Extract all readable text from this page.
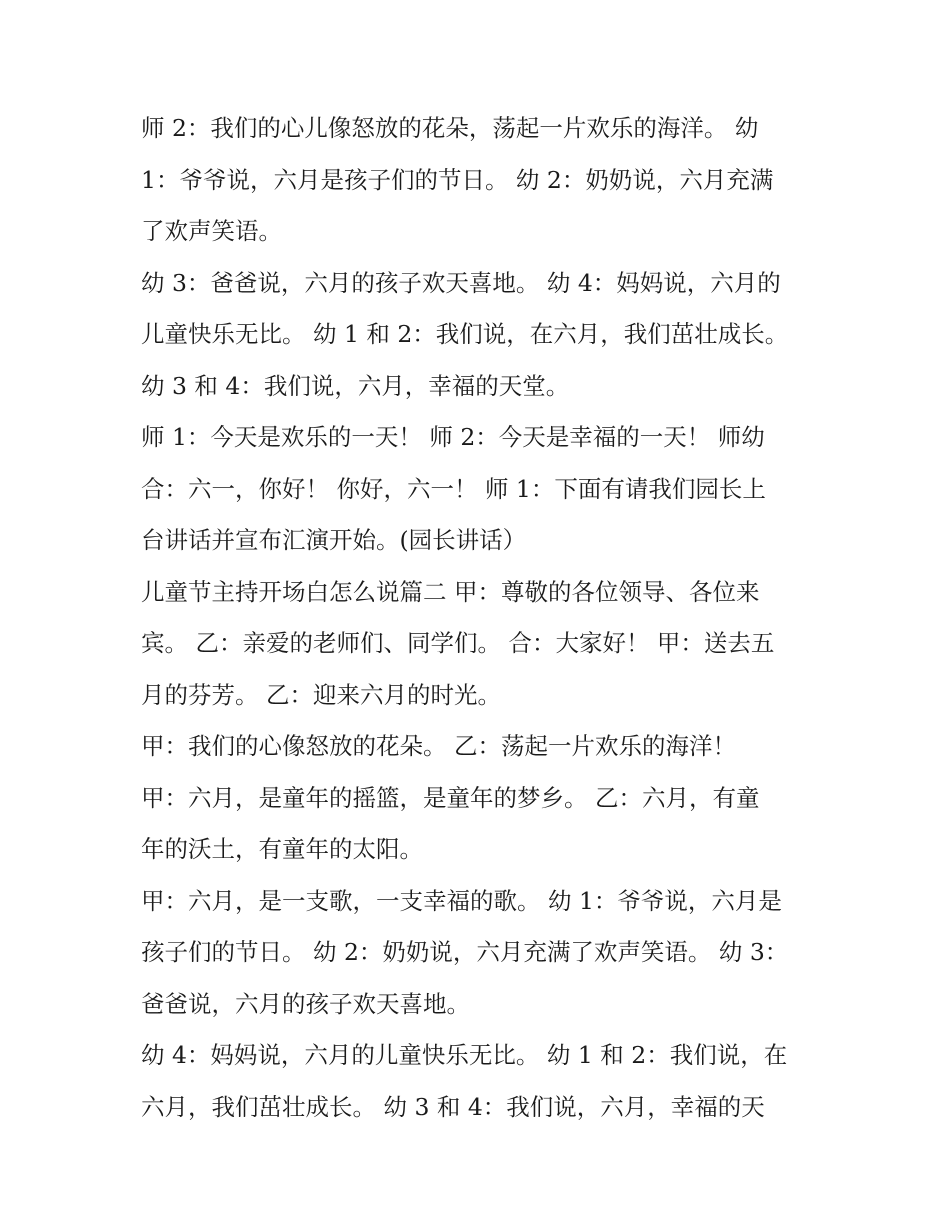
师 2：我们的心儿像怒放的花朵，荡起一片欢乐的海洋。 幼
1：爷爷说，六月是孩子们的节日。 幼 2：奶奶说，六月充满
了欢声笑语。
幼 3：爸爸说，六月的孩子欢天喜地。 幼 4：妈妈说，六月的
儿童快乐无比。 幼 1 和 2：我们说，在六月，我们茁壮成长。
幼 3 和 4：我们说，六月，幸福的天堂。
师 1：今天是欢乐的一天！ 师 2：今天是幸福的一天！ 师幼
合：六一，你好！ 你好，六一！ 师 1：下面有请我们园长上
台讲话并宣布汇演开始。(园长讲话）
儿童节主持开场白怎么说篇二 甲：尊敬的各位领导、各位来
宾。 乙：亲爱的老师们、同学们。 合：大家好！ 甲：送去五
月的芬芳。 乙：迎来六月的时光。
甲：我们的心像怒放的花朵。 乙：荡起一片欢乐的海洋！
甲：六月，是童年的摇篮，是童年的梦乡。 乙：六月，有童
年的沃土，有童年的太阳。
甲：六月，是一支歌，一支幸福的歌。 幼 1：爷爷说，六月是
孩子们的节日。 幼 2：奶奶说，六月充满了欢声笑语。 幼 3：
爸爸说，六月的孩子欢天喜地。
幼 4：妈妈说，六月的儿童快乐无比。 幼 1 和 2：我们说，在
六月，我们茁壮成长。 幼 3 和 4：我们说，六月，幸福的天
